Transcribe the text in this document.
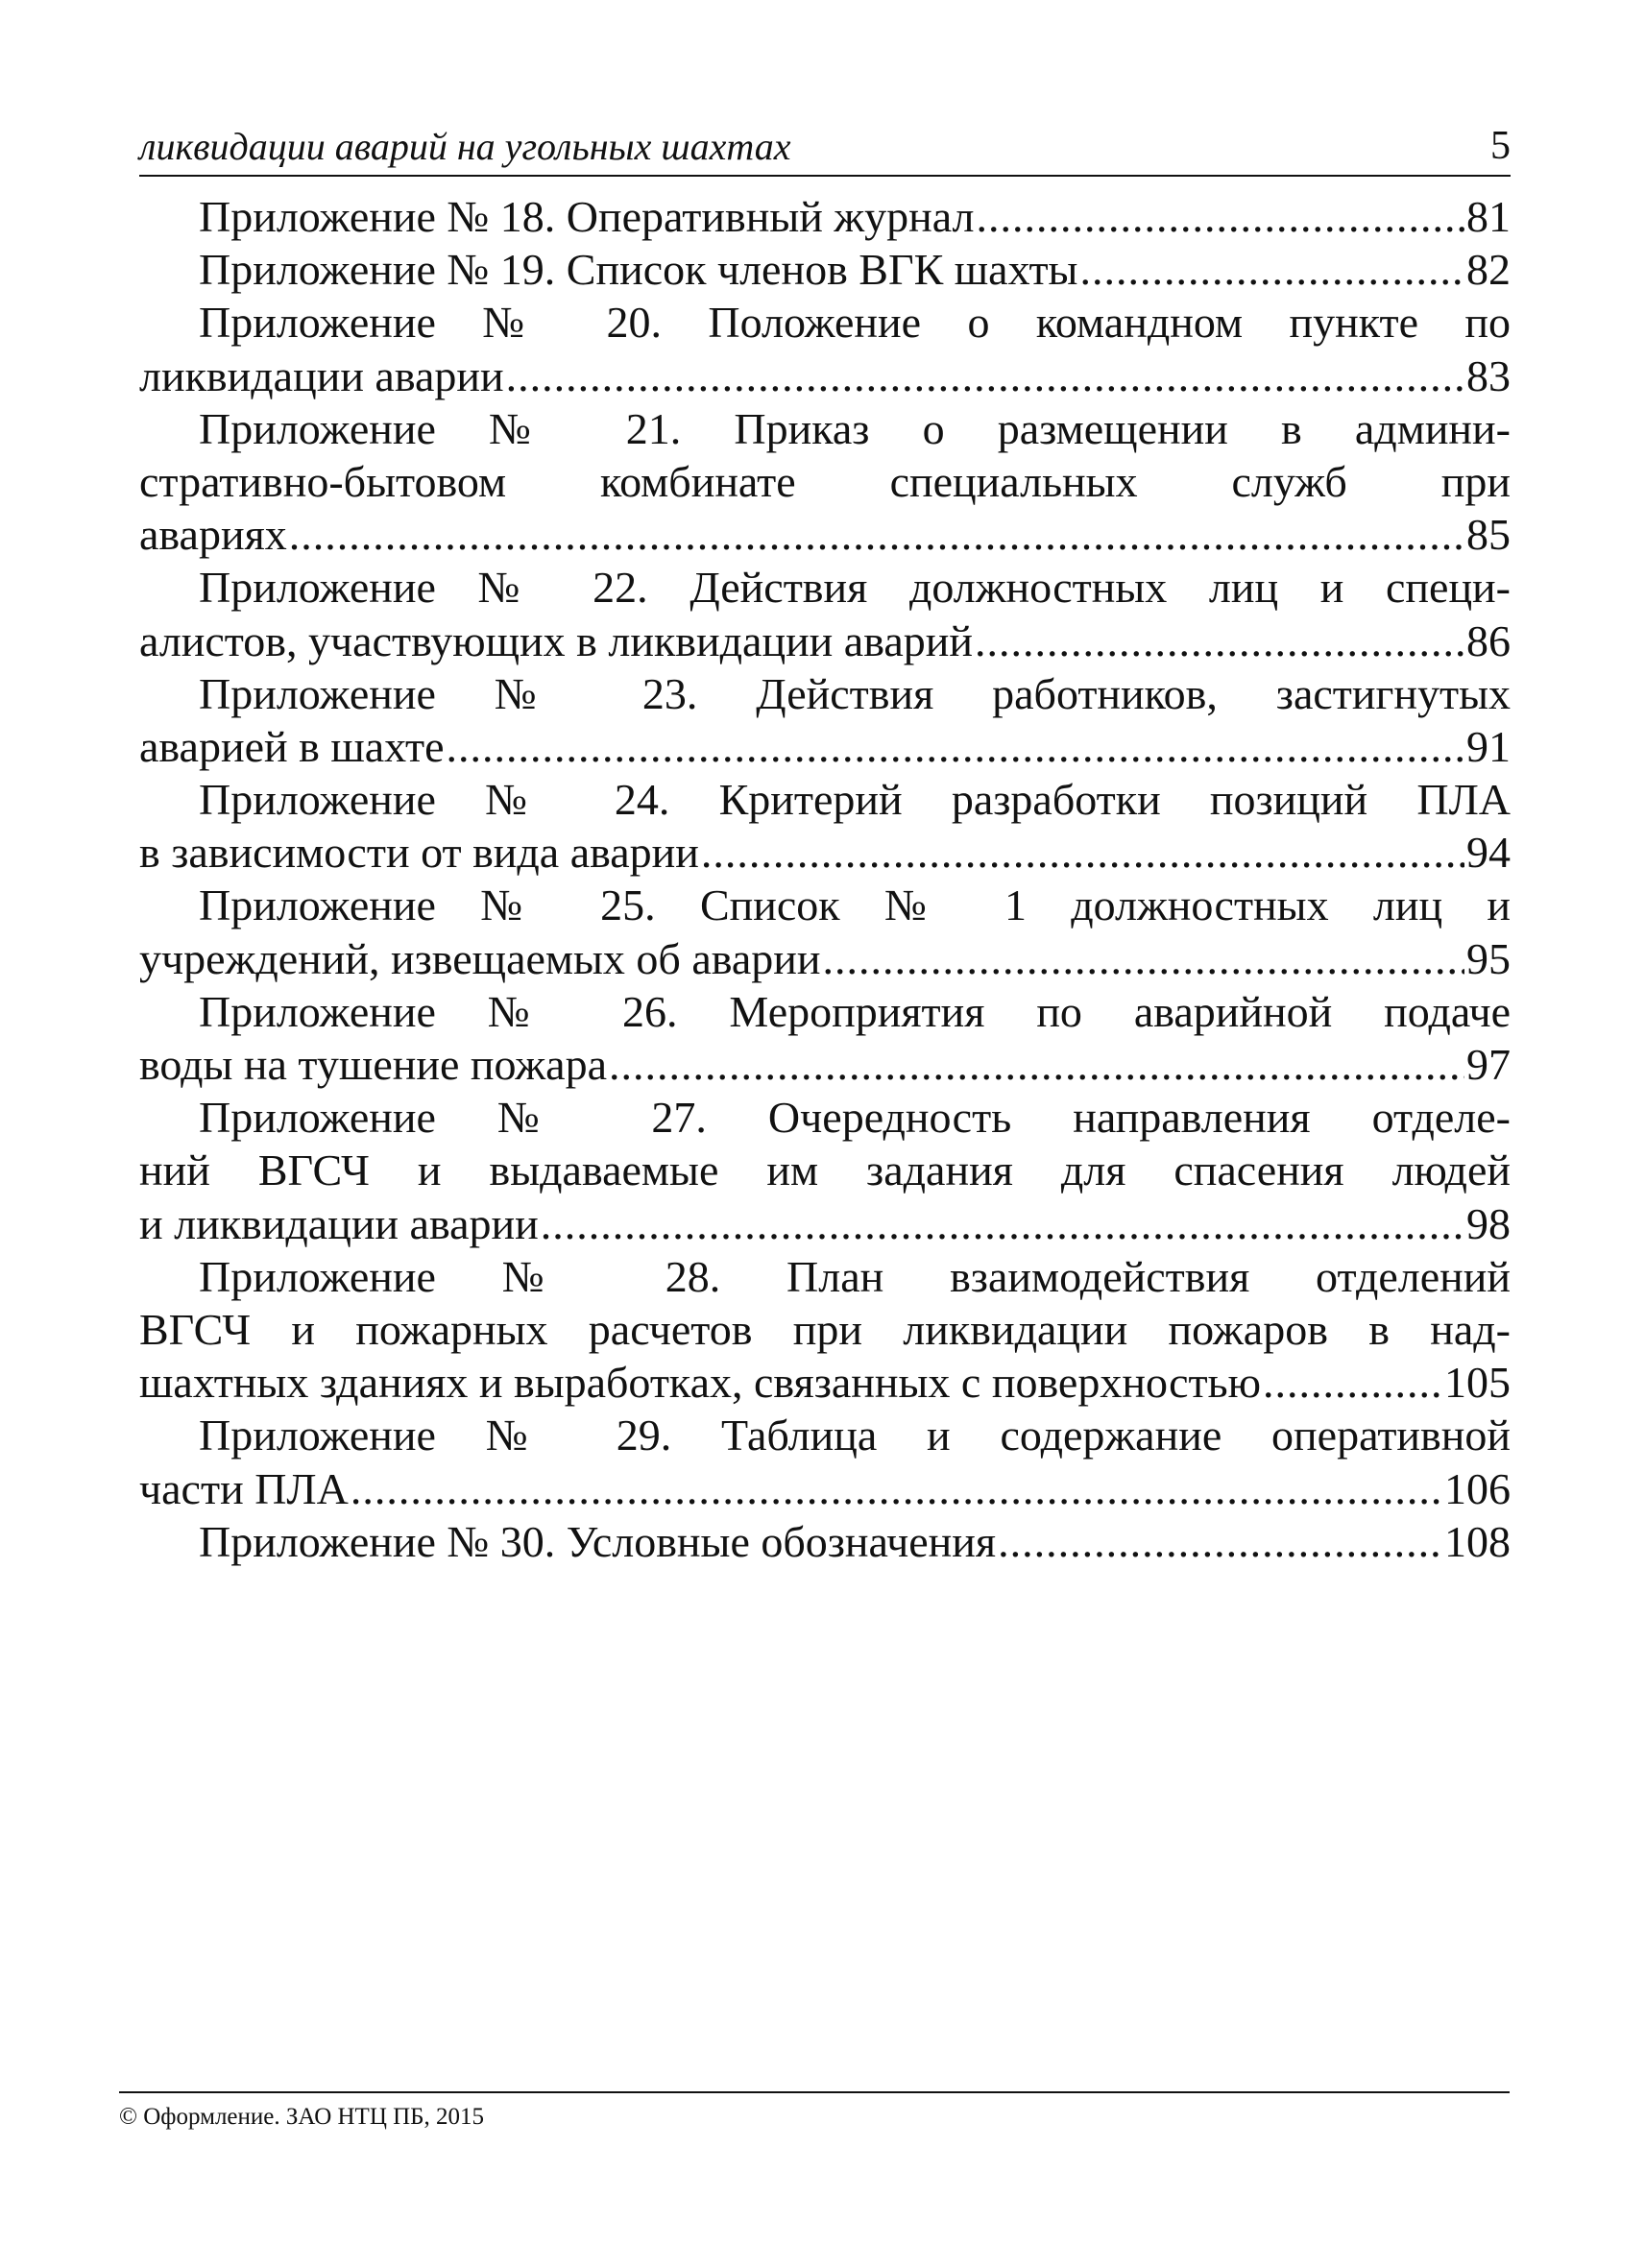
ликвидации аварий на угольных шахтах	5
Приложение № 18. Оперативный журнал .....	81
Приложение № 19. Список членов ВГК шахты .....	82
Приложение № 20. Положение о командном пункте по
ликвидации аварии .....	83
Приложение № 21. Приказ о размещении в админи-
стративно-бытовом комбинате специальных служб при
авариях .....	85
Приложение № 22. Действия должностных лиц и специ-
алистов, участвующих в ликвидации аварий .....	86
Приложение № 23. Действия работников, застигнутых
аварией в шахте .....	91
Приложение № 24. Критерий разработки позиций ПЛА
в зависимости от вида аварии .....	94
Приложение № 25. Список № 1 должностных лиц и
учреждений, извещаемых об аварии .....	95
Приложение № 26. Мероприятия по аварийной подаче
воды на тушение пожара .....	97
Приложение № 27. Очередность направления отделе-
ний ВГСЧ и выдаваемые им задания для спасения людей
и ликвидации аварии .....	98
Приложение № 28. План взаимодействия отделений
ВГСЧ и пожарных расчетов при ликвидации пожаров в над-
шахтных зданиях и выработках, связанных с поверхностью .....	105
Приложение № 29. Таблица и содержание оперативной
части ПЛА .....	106
Приложение № 30. Условные обозначения .....	108
© Оформление. ЗАО НТЦ ПБ, 2015
